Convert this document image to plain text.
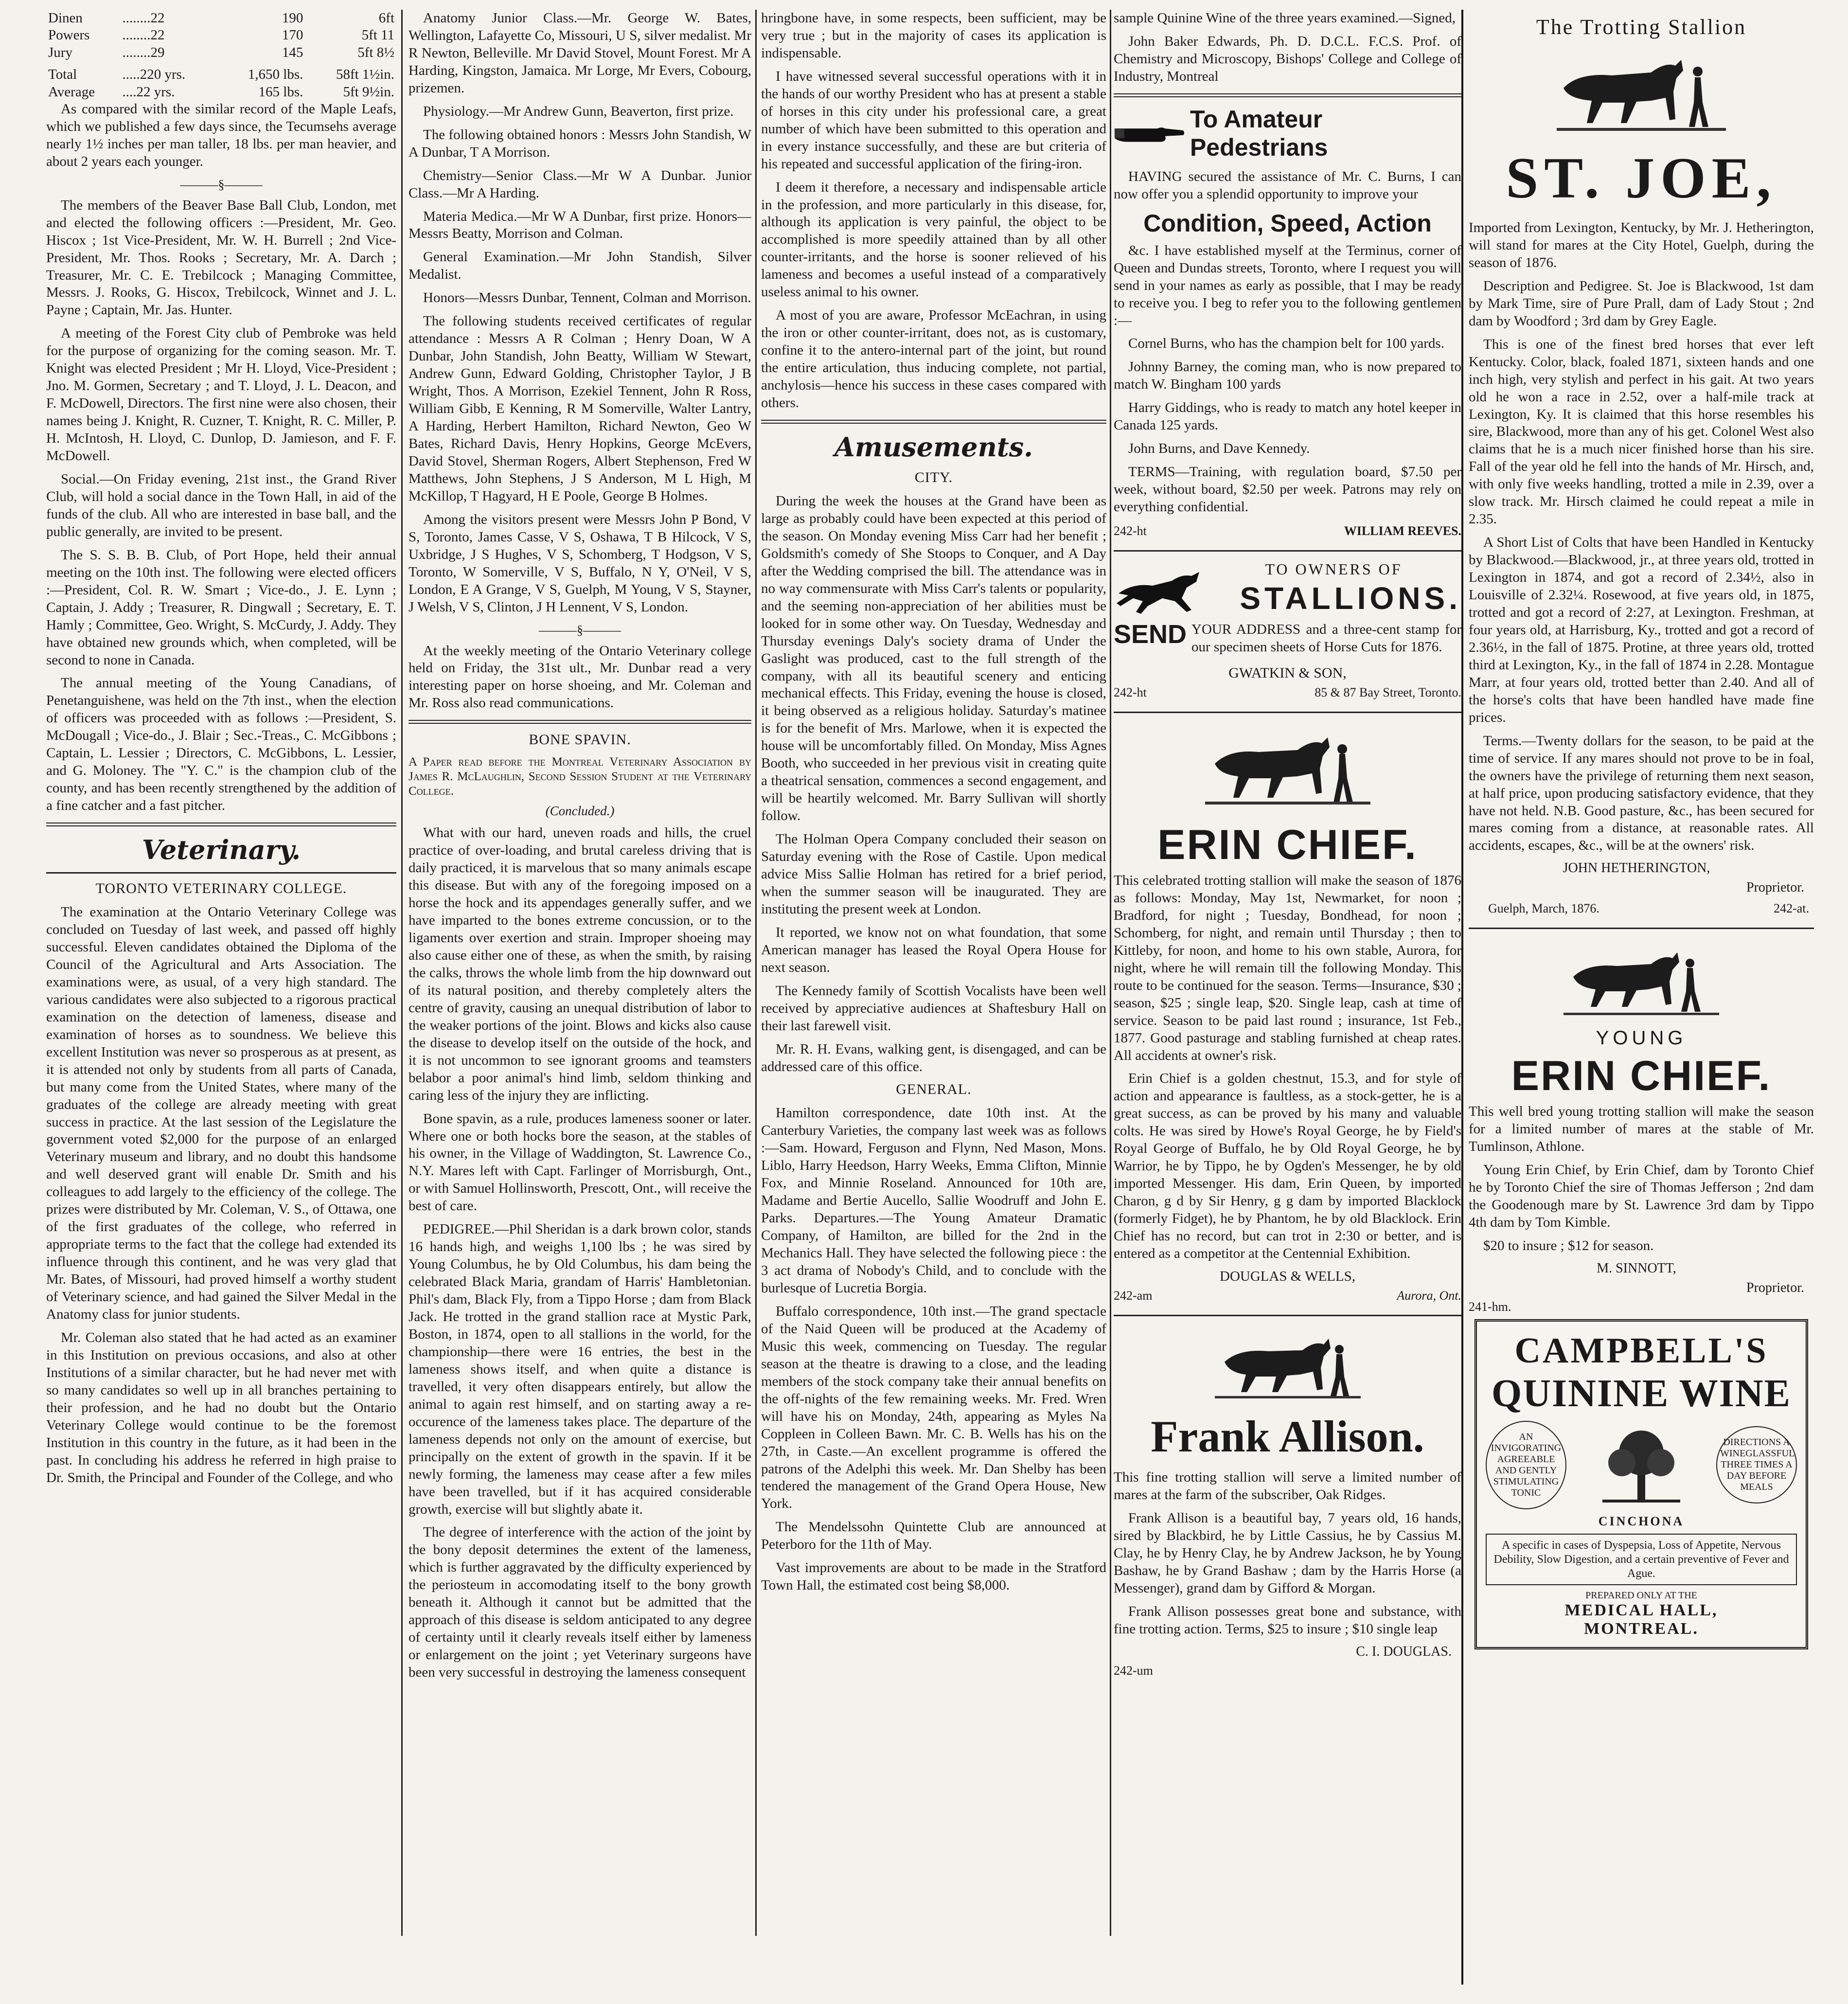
Dinen	........22	190	6ft
Powers	........22	170	5ft 11
Jury	........29	145	5ft 8½
Total	.....220 yrs.	1,650 lbs.	58ft 1½in.
Average	....22 yrs.	165 lbs.	5ft 9½in.

As compared with the similar record of the Maple Leafs, which we published a few days since, the Tecumsehs average nearly 1½ inches per man taller, 18 lbs. per man heavier, and about 2 years each younger.

———§———

The members of the Beaver Base Ball Club, London, met and elected the following officers :—President, Mr. Geo. Hiscox ; 1st Vice-President, Mr. W. H. Burrell ; 2nd Vice-President, Mr. Thos. Rooks ; Secretary, Mr. A. Darch ; Treasurer, Mr. C. E. Trebilcock ; Managing Committee, Messrs. J. Rooks, G. Hiscox, Trebilcock, Winnet and J. L. Payne ; Captain, Mr. Jas. Hunter.

A meeting of the Forest City club of Pembroke was held for the purpose of organizing for the coming season. Mr. T. Knight was elected President ; Mr H. Lloyd, Vice-President ; Jno. M. Gormen, Secretary ; and T. Lloyd, J. L. Deacon, and F. McDowell, Directors. The first nine were also chosen, their names being J. Knight, R. Cuzner, T. Knight, R. C. Miller, P. H. McIntosh, H. Lloyd, C. Dunlop, D. Jamieson, and F. F. McDowell.

Social.—On Friday evening, 21st inst., the Grand River Club, will hold a social dance in the Town Hall, in aid of the funds of the club. All who are interested in base ball, and the public generally, are invited to be present.

The S. S. B. B. Club, of Port Hope, held their annual meeting on the 10th inst. The following were elected officers :—President, Col. R. W. Smart ; Vice-do., J. E. Lynn ; Captain, J. Addy ; Treasurer, R. Dingwall ; Secretary, E. T. Hamly ; Committee, Geo. Wright, S. McCurdy, J. Addy. They have obtained new grounds which, when completed, will be second to none in Canada.

The annual meeting of the Young Canadians, of Penetanguishene, was held on the 7th inst., when the election of officers was proceeded with as follows :—President, S. McDougall ; Vice-do., J. Blair ; Sec.-Treas., C. McGibbons ; Captain, L. Lessier ; Directors, C. McGibbons, L. Lessier, and G. Moloney. The "Y. C." is the champion club of the county, and has been recently strengthened by the addition of a fine catcher and a fast pitcher.

Veterinary.
TORONTO VETERINARY COLLEGE.

The examination at the Ontario Veterinary College was concluded on Tuesday of last week, and passed off highly successful. Eleven candidates obtained the Diploma of the Council of the Agricultural and Arts Association. The examinations were, as usual, of a very high standard. The various candidates were also subjected to a rigorous practical examination on the detection of lameness, disease and examination of horses as to soundness. We believe this excellent Institution was never so prosperous as at present, as it is attended not only by students from all parts of Canada, but many come from the United States, where many of the graduates of the college are already meeting with great success in practice. At the last session of the Legislature the government voted $2,000 for the purpose of an enlarged Veterinary museum and library, and no doubt this handsome and well deserved grant will enable Dr. Smith and his colleagues to add largely to the efficiency of the college. The prizes were distributed by Mr. Coleman, V. S., of Ottawa, one of the first graduates of the college, who referred in appropriate terms to the fact that the college had extended its influence through this continent, and he was very glad that Mr. Bates, of Missouri, had proved himself a worthy student of Veterinary science, and had gained the Silver Medal in the Anatomy class for junior students.

Mr. Coleman also stated that he had acted as an examiner in this Institution on previous occasions, and also at other Institutions of a similar character, but he had never met with so many candidates so well up in all branches pertaining to their profession, and he had no doubt but the Ontario Veterinary College would continue to be the foremost Institution in this country in the future, as it had been in the past. In concluding his address he referred in high praise to Dr. Smith, the Principal and Founder of the College, and who

Anatomy Junior Class.—Mr. George W. Bates, Wellington, Lafayette Co, Missouri, U S, silver medalist. Mr R Newton, Belleville. Mr David Stovel, Mount Forest. Mr A Harding, Kingston, Jamaica. Mr Lorge, Mr Evers, Cobourg, prizemen.

Physiology.—Mr Andrew Gunn, Beaverton, first prize.

The following obtained honors : Messrs John Standish, W A Dunbar, T A Morrison.

Chemistry—Senior Class.—Mr W A Dunbar. Junior Class.—Mr A Harding.

Materia Medica.—Mr W A Dunbar, first prize. Honors—Messrs Beatty, Morrison and Colman.

General Examination.—Mr John Standish, Silver Medalist.

Honors—Messrs Dunbar, Tennent, Colman and Morrison.

The following students received certificates of regular attendance : Messrs A R Colman ; Henry Doan, W A Dunbar, John Standish, John Beatty, William W Stewart, Andrew Gunn, Edward Golding, Christopher Taylor, J B Wright, Thos. A Morrison, Ezekiel Tennent, John R Ross, William Gibb, E Kenning, R M Somerville, Walter Lantry, A Harding, Herbert Hamilton, Richard Newton, Geo W Bates, Richard Davis, Henry Hopkins, George McEvers, David Stovel, Sherman Rogers, Albert Stephenson, Fred W Matthews, John Stephens, J S Anderson, M L High, M McKillop, T Hagyard, H E Poole, George B Holmes.

Among the visitors present were Messrs John P Bond, V S, Toronto, James Casse, V S, Oshawa, T B Hilcock, V S, Uxbridge, J S Hughes, V S, Schomberg, T Hodgson, V S, Toronto, W Somerville, V S, Buffalo, N Y, O'Neil, V S, London, E A Grange, V S, Guelph, M Young, V S, Stayner, J Welsh, V S, Clinton, J H Lennent, V S, London.

———§———

At the weekly meeting of the Ontario Veterinary college held on Friday, the 31st ult., Mr. Dunbar read a very interesting paper on horse shoeing, and Mr. Coleman and Mr. Ross also read communications.

BONE SPAVIN.
A Paper read before the Montreal Veterinary Association by James R. McLaughlin, Second Session Student at the Veterinary College.
(Concluded.)

What with our hard, uneven roads and hills, the cruel practice of over-loading, and brutal careless driving that is daily practiced, it is marvelous that so many animals escape this disease. But with any of the foregoing imposed on a horse the hock and its appendages generally suffer, and we have imparted to the bones extreme concussion, or to the ligaments over exertion and strain. Improper shoeing may also cause either one of these, as when the smith, by raising the calks, throws the whole limb from the hip downward out of its natural position, and thereby completely alters the centre of gravity, causing an unequal distribution of labor to the weaker portions of the joint. Blows and kicks also cause the disease to develop itself on the outside of the hock, and it is not uncommon to see ignorant grooms and teamsters belabor a poor animal's hind limb, seldom thinking and caring less of the injury they are inflicting.

Bone spavin, as a rule, produces lameness sooner or later. Where one or both hocks bore the season, at the stables of his owner, in the Village of Waddington, St. Lawrence Co., N.Y. Mares left with Capt. Farlinger of Morrisburgh, Ont., or with Samuel Hollinsworth, Prescott, Ont., will receive the best of care.

PEDIGREE.—Phil Sheridan is a dark brown color, stands 16 hands high, and weighs 1,100 lbs ; he was sired by Young Columbus, he by Old Columbus, his dam being the celebrated Black Maria, grandam of Harris' Hambletonian. Phil's dam, Black Fly, from a Tippo Horse ; dam from Black Jack. He trotted in the grand stallion race at Mystic Park, Boston, in 1874, open to all stallions in the world, for the championship—there were 16 entries, the best in the lameness shows itself, and when quite a distance is travelled, it very often disappears entirely, but allow the animal to again rest himself, and on starting away a re-occurence of the lameness takes place. The departure of the lameness depends not only on the amount of exercise, but principally on the extent of growth in the spavin. If it be newly forming, the lameness may cease after a few miles have been travelled, but if it has acquired considerable growth, exercise will but slightly abate it.

The degree of interference with the action of the joint by the bony deposit determines the extent of the lameness, which is further aggravated by the difficulty experienced by the periosteum in accomodating itself to the bony growth beneath it. Although it cannot but be admitted that the approach of this disease is seldom anticipated to any degree of certainty until it clearly reveals itself either by lameness or enlargement on the joint ; yet Veterinary surgeons have been very successful in destroying the lameness consequent

hringbone have, in some respects, been sufficient, may be very true ; but in the majority of cases its application is indispensable.

I have witnessed several successful operations with it in the hands of our worthy President who has at present a stable of horses in this city under his professional care, a great number of which have been submitted to this operation and in every instance successfully, and these are but criteria of his repeated and successful application of the firing-iron.

I deem it therefore, a necessary and indispensable article in the profession, and more particularly in this disease, for, although its application is very painful, the object to be accomplished is more speedily attained than by all other counter-irritants, and the horse is sooner relieved of his lameness and becomes a useful instead of a comparatively useless animal to his owner.

A most of you are aware, Professor McEachran, in using the iron or other counter-irritant, does not, as is customary, confine it to the antero-internal part of the joint, but round the entire articulation, thus inducing complete, not partial, anchylosis—hence his success in these cases compared with others.

Amusements.
CITY.

During the week the houses at the Grand have been as large as probably could have been expected at this period of the season. On Monday evening Miss Carr had her benefit ; Goldsmith's comedy of She Stoops to Conquer, and A Day after the Wedding comprised the bill. The attendance was in no way commensurate with Miss Carr's talents or popularity, and the seeming non-appreciation of her abilities must be looked for in some other way. On Tuesday, Wednesday and Thursday evenings Daly's society drama of Under the Gaslight was produced, cast to the full strength of the company, with all its beautiful scenery and enticing mechanical effects. This Friday, evening the house is closed, it being observed as a religious holiday. Saturday's matinee is for the benefit of Mrs. Marlowe, when it is expected the house will be uncomfortably filled. On Monday, Miss Agnes Booth, who succeeded in her previous visit in creating quite a theatrical sensation, commences a second engagement, and will be heartily welcomed. Mr. Barry Sullivan will shortly follow.

The Holman Opera Company concluded their season on Saturday evening with the Rose of Castile. Upon medical advice Miss Sallie Holman has retired for a brief period, when the summer season will be inaugurated. They are instituting the present week at London.

It reported, we know not on what foundation, that some American manager has leased the Royal Opera House for next season.

The Kennedy family of Scottish Vocalists have been well received by appreciative audiences at Shaftesbury Hall on their last farewell visit.

Mr. R. H. Evans, walking gent, is disengaged, and can be addressed care of this office.

GENERAL.

Hamilton correspondence, date 10th inst. At the Canterbury Varieties, the company last week was as follows :—Sam. Howard, Ferguson and Flynn, Ned Mason, Mons. Liblo, Harry Heedson, Harry Weeks, Emma Clifton, Minnie Fox, and Minnie Roseland. Announced for 10th are, Madame and Bertie Aucello, Sallie Woodruff and John E. Parks. Departures.—The Young Amateur Dramatic Company, of Hamilton, are billed for the 2nd in the Mechanics Hall. They have selected the following piece : the 3 act drama of Nobody's Child, and to conclude with the burlesque of Lucretia Borgia.

Buffalo correspondence, 10th inst.—The grand spectacle of the Naid Queen will be produced at the Academy of Music this week, commencing on Tuesday. The regular season at the theatre is drawing to a close, and the leading members of the stock company take their annual benefits on the off-nights of the few remaining weeks. Mr. Fred. Wren will have his on Monday, 24th, appearing as Myles Na Coppleen in Colleen Bawn. Mr. C. B. Wells has his on the 27th, in Caste.—An excellent programme is offered the patrons of the Adelphi this week. Mr. Dan Shelby has been tendered the management of the Grand Opera House, New York.

The Mendelssohn Quintette Club are announced at Peterboro for the 11th of May.

Vast improvements are about to be made in the Stratford Town Hall, the estimated cost being $8,000.

sample Quinine Wine of the three years examined.—Signed,

John Baker Edwards, Ph. D. D.C.L. F.C.S. Prof. of Chemistry and Microscopy, Bishops' College and College of Industry, Montreal

To Amateur Pedestrians

HAVING secured the assistance of Mr. C. Burns, I can now offer you a splendid opportunity to improve your

Condition, Speed, Action

&c. I have established myself at the Terminus, corner of Queen and Dundas streets, Toronto, where I request you will send in your names as early as possible, that I may be ready to receive you. I beg to refer you to the following gentlemen :—

Cornel Burns, who has the champion belt for 100 yards.

Johnny Barney, the coming man, who is now prepared to match W. Bingham 100 yards

Harry Giddings, who is ready to match any hotel keeper in Canada 125 yards.

John Burns, and Dave Kennedy.

TERMS—Training, with regulation board, $7.50 per week, without board, $2.50 per week. Patrons may rely on everything confidential.

242-ht	WILLIAM REEVES.
TO OWNERS OF
STALLIONS.
SEND YOUR ADDRESS and a three-cent stamp for our specimen sheets of Horse Cuts for 1876.

GWATKIN & SON,
242-ht	85 & 87 Bay Street, Toronto.
ERIN CHIEF.

This celebrated trotting stallion will make the season of 1876 as follows: Monday, May 1st, Newmarket, for noon ; Bradford, for night ; Tuesday, Bondhead, for noon ; Schomberg, for night, and remain until Thursday ; then to Kittleby, for noon, and home to his own stable, Aurora, for night, where he will remain till the following Monday. This route to be continued for the season. Terms—Insurance, $30 ; season, $25 ; single leap, $20. Single leap, cash at time of service. Season to be paid last round ; insurance, 1st Feb., 1877. Good pasturage and stabling furnished at cheap rates. All accidents at owner's risk.

Erin Chief is a golden chestnut, 15.3, and for style of action and appearance is faultless, as a stock-getter, he is a great success, as can be proved by his many and valuable colts. He was sired by Howe's Royal George, he by Field's Royal George of Buffalo, he by Old Royal George, he by Warrior, he by Tippo, he by Ogden's Messenger, he by old imported Messenger. His dam, Erin Queen, by imported Charon, g d by Sir Henry, g g dam by imported Blacklock (formerly Fidget), he by Phantom, he by old Blacklock. Erin Chief has no record, but can trot in 2:30 or better, and is entered as a competitor at the Centennial Exhibition.

DOUGLAS & WELLS,
242-am	Aurora, Ont.
Frank Allison.

This fine trotting stallion will serve a limited number of mares at the farm of the subscriber, Oak Ridges.

Frank Allison is a beautiful bay, 7 years old, 16 hands, sired by Blackbird, he by Little Cassius, he by Cassius M. Clay, he by Henry Clay, he by Andrew Jackson, he by Young Bashaw, he by Grand Bashaw ; dam by the Harris Horse (a Messenger), grand dam by Gifford & Morgan.

Frank Allison possesses great bone and substance, with fine trotting action. Terms, $25 to insure ; $10 single leap

C. I. DOUGLAS.
242-um
The Trotting Stallion
ST. JOE,

Imported from Lexington, Kentucky, by Mr. J. Hetherington, will stand for mares at the City Hotel, Guelph, during the season of 1876.

Description and Pedigree. St. Joe is Blackwood, 1st dam by Mark Time, sire of Pure Prall, dam of Lady Stout ; 2nd dam by Woodford ; 3rd dam by Grey Eagle.

This is one of the finest bred horses that ever left Kentucky. Color, black, foaled 1871, sixteen hands and one inch high, very stylish and perfect in his gait. At two years old he won a race in 2.52, over a half-mile track at Lexington, Ky. It is claimed that this horse resembles his sire, Blackwood, more than any of his get. Colonel West also claims that he is a much nicer finished horse than his sire. Fall of the year old he fell into the hands of Mr. Hirsch, and, with only five weeks handling, trotted a mile in 2.39, over a slow track. Mr. Hirsch claimed he could repeat a mile in 2.35.

A Short List of Colts that have been Handled in Kentucky by Blackwood.—Blackwood, jr., at three years old, trotted in Lexington in 1874, and got a record of 2.34½, also in Louisville of 2.32¼. Rosewood, at five years old, in 1875, trotted and got a record of 2:27, at Lexington. Freshman, at four years old, at Harrisburg, Ky., trotted and got a record of 2.36½, in the fall of 1875. Protine, at three years old, trotted third at Lexington, Ky., in the fall of 1874 in 2.28. Montague Marr, at four years old, trotted better than 2.40. And all of the horse's colts that have been handled have made fine prices.

Terms.—Twenty dollars for the season, to be paid at the time of service. If any mares should not prove to be in foal, the owners have the privilege of returning them next season, at half price, upon producing satisfactory evidence, that they have not held. N.B. Good pasture, &c., has been secured for mares coming from a distance, at reasonable rates. All accidents, escapes, &c., will be at the owners' risk.

JOHN HETHERINGTON,
Proprietor.
Guelph, March, 1876.	242-at.
YOUNG
ERIN CHIEF.

This well bred young trotting stallion will make the season for a limited number of mares at the stable of Mr. Tumlinson, Athlone.

Young Erin Chief, by Erin Chief, dam by Toronto Chief he by Toronto Chief the sire of Thomas Jefferson ; 2nd dam the Goodenough mare by St. Lawrence 3rd dam by Tippo 4th dam by Tom Kimble.

$20 to insure ; $12 for season.

M. SINNOTT,
Proprietor.
241-hm.
CAMPBELL'S
QUININE WINE
AN INVIGORATING AGREEABLE AND GENTLY STIMULATING TONIC
DIRECTIONS A WINEGLASSFUL THREE TIMES A DAY BEFORE MEALS
CINCHONA
A specific in cases of Dyspepsia, Loss of Appetite, Nervous Debility, Slow Digestion, and a certain preventive of Fever and Ague.
PREPARED ONLY AT THE
MEDICAL HALL,
MONTREAL.
